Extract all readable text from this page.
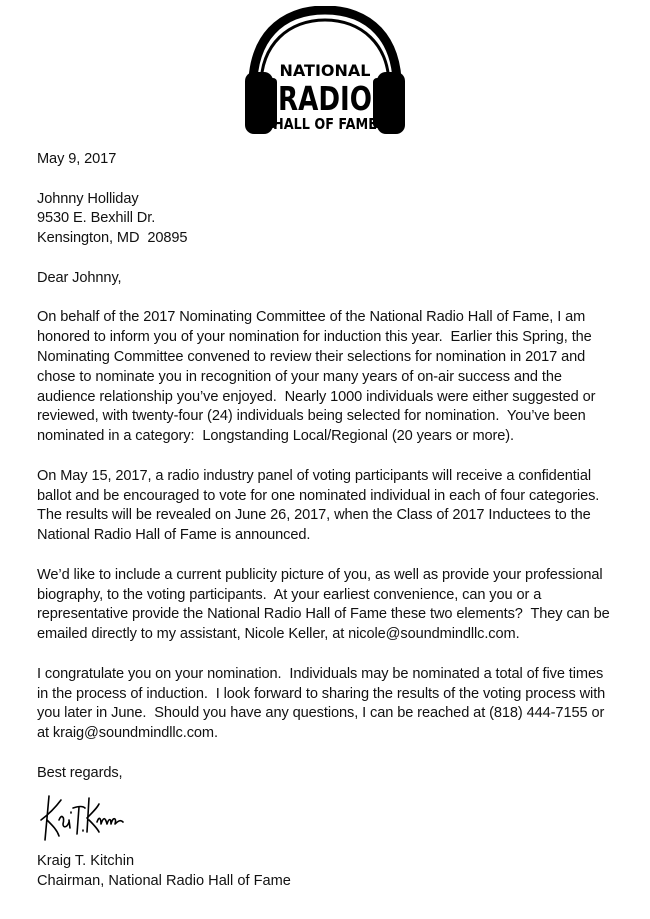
NATIONAL
RADIO
HALL OF FAME

May 9, 2017

Johnny Holliday

9530 E. Bexhill Dr.

Kensington, MD  20895

Dear Johnny,

On behalf of the 2017 Nominating Committee of the National Radio Hall of Fame, I am honored to inform you of your nomination for induction this year.  Earlier this Spring, the Nominating Committee convened to review their selections for nomination in 2017 and chose to nominate you in recognition of your many years of on-air success and the audience relationship you’ve enjoyed.  Nearly 1000 individuals were either suggested or reviewed, with twenty-four (24) individuals being selected for nomination.  You’ve been nominated in a category:  Longstanding Local/Regional (20 years or more).

On May 15, 2017, a radio industry panel of voting participants will receive a confidential ballot and be encouraged to vote for one nominated individual in each of four categories.  The results will be revealed on June 26, 2017, when the Class of 2017 Inductees to the National Radio Hall of Fame is announced.

We’d like to include a current publicity picture of you, as well as provide your professional biography, to the voting participants.  At your earliest convenience, can you or a representative provide the National Radio Hall of Fame these two elements?  They can be emailed directly to my assistant, Nicole Keller, at nicole@soundmindllc.com.

I congratulate you on your nomination.  Individuals may be nominated a total of five times in the process of induction.  I look forward to sharing the results of the voting process with you later in June.  Should you have any questions, I can be reached at (818) 444-7155 or at kraig@soundmindllc.com.

Best regards,

Kraig T. Kitchin
Chairman, National Radio Hall of Fame
